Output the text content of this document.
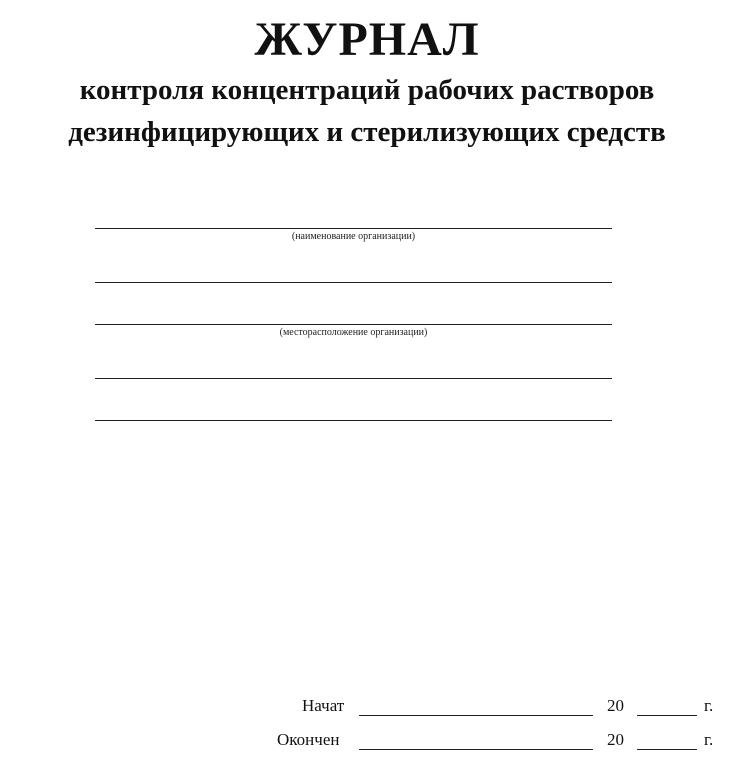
ЖУРНАЛ
контроля концентраций рабочих растворов
дезинфицирующих и стерилизующих средств
(наименование организации)
(месторасположение организации)
Начат	20	г.
Окончен	20	г.
